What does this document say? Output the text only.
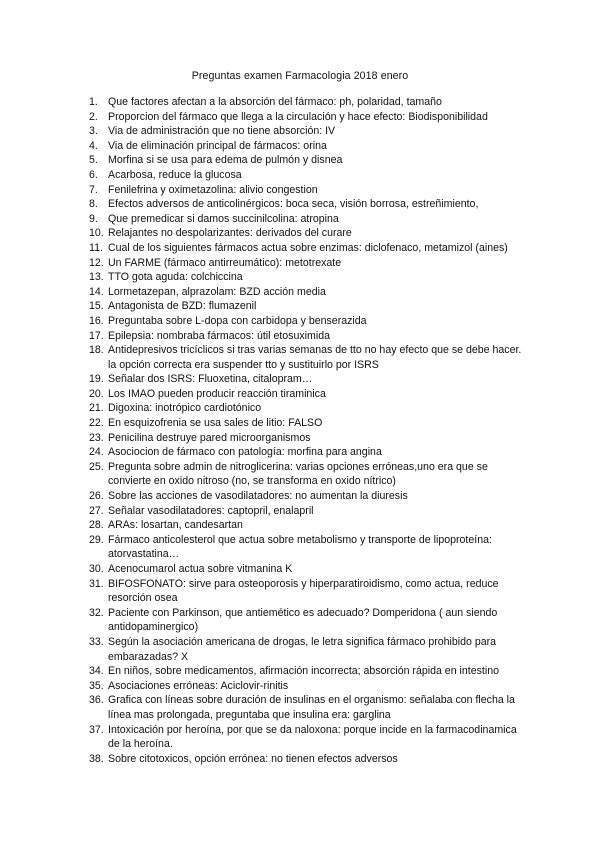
Preguntas examen Farmacologia 2018 enero
1. Que factores afectan a la absorción del fármaco: ph, polaridad, tamaño
2. Proporcion del fármaco que llega a la circulación y hace efecto: Biodisponibilidad
3. Via de administración que no tiene absorción: IV
4. Via de eliminación principal de fármacos: orina
5. Morfina si se usa para edema de pulmón y disnea
6. Acarbosa, reduce la glucosa
7. Fenilefrina y oximetazolina: alivio congestion
8. Efectos adversos de anticolinérgicos: boca seca, visión borrosa, estreñimiento,
9. Que premedicar si damos succinilcolina: atropina
10. Relajantes no despolarizantes: derivados del curare
11. Cual de los siguientes fármacos actua sobre enzimas: diclofenaco, metamizol (aines)
12. Un FARME (fármaco antirreumático): metotrexate
13. TTO gota aguda: colchiccina
14. Lormetazepan, alprazolam: BZD acción media
15. Antagonista de BZD: flumazenil
16. Preguntaba sobre L-dopa con carbidopa y benserazida
17. Epilepsia: nombraba fármacos: útil etosuximida
18. Antidepresivos tricíclicos si tras varias semanas de tto no hay efecto que se debe hacer. la opción correcta era suspender tto y sustituirlo por ISRS
19. Señalar dos ISRS: Fluoxetina, citalopram…
20. Los IMAO pueden producir reacción tiraminica
21. Digoxina: inotrópico cardiotónico
22. En esquizofrenia se usa sales de litio: FALSO
23. Penicilina destruye pared microorganismos
24. Asociocion de fármaco con patología: morfina para angina
25. Pregunta sobre admin de nitroglicerina: varias opciones erróneas,uno era que se convierte en oxido nitroso (no, se transforma en oxido nítrico)
26. Sobre las acciones de vasodilatadores: no aumentan la diuresis
27. Señalar vasodilatadores: captopril, enalapril
28. ARAs: losartan, candesartan
29. Fármaco anticolesterol que actua sobre metabolismo y transporte de lipoproteína: atorvastatina…
30. Acenocumarol actua sobre vitmanina K
31. BIFOSFONATO: sirve para osteoporosis y hiperparatiroidismo, como actua, reduce resorción osea
32. Paciente con Parkinson, que antiemético es adecuado? Domperidona ( aun siendo antidopaminergico)
33. Según la asociación americana de drogas, le letra significa fármaco prohibido para embarazadas? X
34. En niños, sobre medicamentos, afirmación incorrecta; absorción rápida en intestino
35. Asociaciones erróneas: Aciclovir-rinitis
36. Grafica con líneas sobre duración de insulinas en el organismo: señalaba con flecha la línea mas prolongada, preguntaba que insulina era: garglina
37. Intoxicación por heroína, por que se da naloxona: porque incide en la farmacodinamica de la heroína.
38. Sobre citotoxicos, opción errónea: no tienen efectos adversos
